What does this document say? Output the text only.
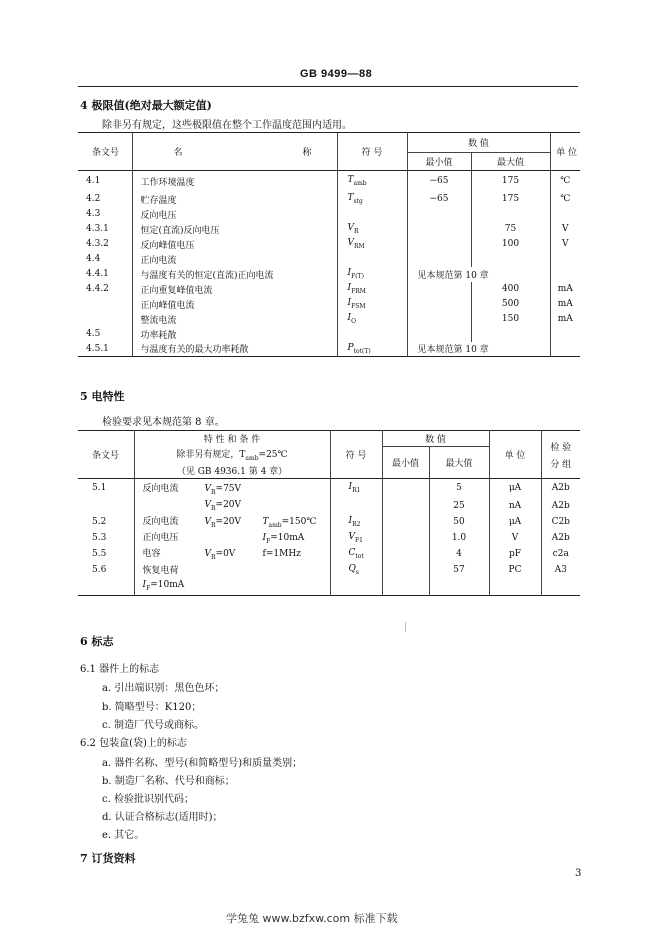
GB 9499—88
4 极限值(绝对最大额定值)
除非另有规定，这些极限值在整个工作温度范围内适用。
条文号	名 称	符 号	数 值		单 位
			最小值	最大值	
4.1	工作环境温度	$T_{amb}$	−65	175	℃
4.2	贮存温度	$T_{stg}$	−65	175	℃
4.3	反向电压				
4.3.1	恒定(直流)反向电压	$V_R$		75	V
4.3.2	反向峰值电压	$V_{RM}$		100	V
4.4	正向电流				
4.4.1	与温度有关的恒定(直流)正向电流	$I_{F(T)}$	见本规范第 10 章		
4.4.2	正向重复峰值电流	$I_{FRM}$		400	mA
	正向峰值电流	$I_{FSM}$		500	mA
	整流电流	$I_O$		150	mA
4.5	功率耗散				
4.5.1	与温度有关的最大功率耗散	$P_{tot(T)}$	见本规范第 10 章		
5 电特性
检验要求见本规范第 8 章。
条文号	特 性 和 条 件	符 号	数 值		单 位	检 验
分 组

	除非另有规定，$T_{amb}=25℃$		最小值	最大值		
	（见 GB 4936.1 第 4 章）					
5.1	反向电流 $V_R=75V$	$I_{R1}$		5	μA	A2b
	$V_R=20V$			25	nA	A2b
5.2	反向电流 $V_R=20V$ $T_{amb}=150℃$	$I_{R2}$		50	μA	C2b
5.3	正向电压 $I_F=10mA$	$V_{F1}$		1.0	V	A2b
5.5	电容 $V_R=0V$ f=1MHz	$C_{tot}$		4	pF	c2a
5.6	恢复电荷	$Q_s$		57	PC	A3
	$I_F=10mA$					
6 标志
6.1 器件上的标志
a. 引出端识别：黑色色环；
b. 简略型号：K120；
c. 制造厂代号或商标。
6.2 包装盒(袋)上的标志
a. 器件名称、型号(和简略型号)和质量类别；
b. 制造厂名称、代号和商标；
c. 检验批识别代码；
d. 认证合格标志(适用时)；
e. 其它。
7 订货资料
3
学兔兔 www.bzfxw.com 标准下载
